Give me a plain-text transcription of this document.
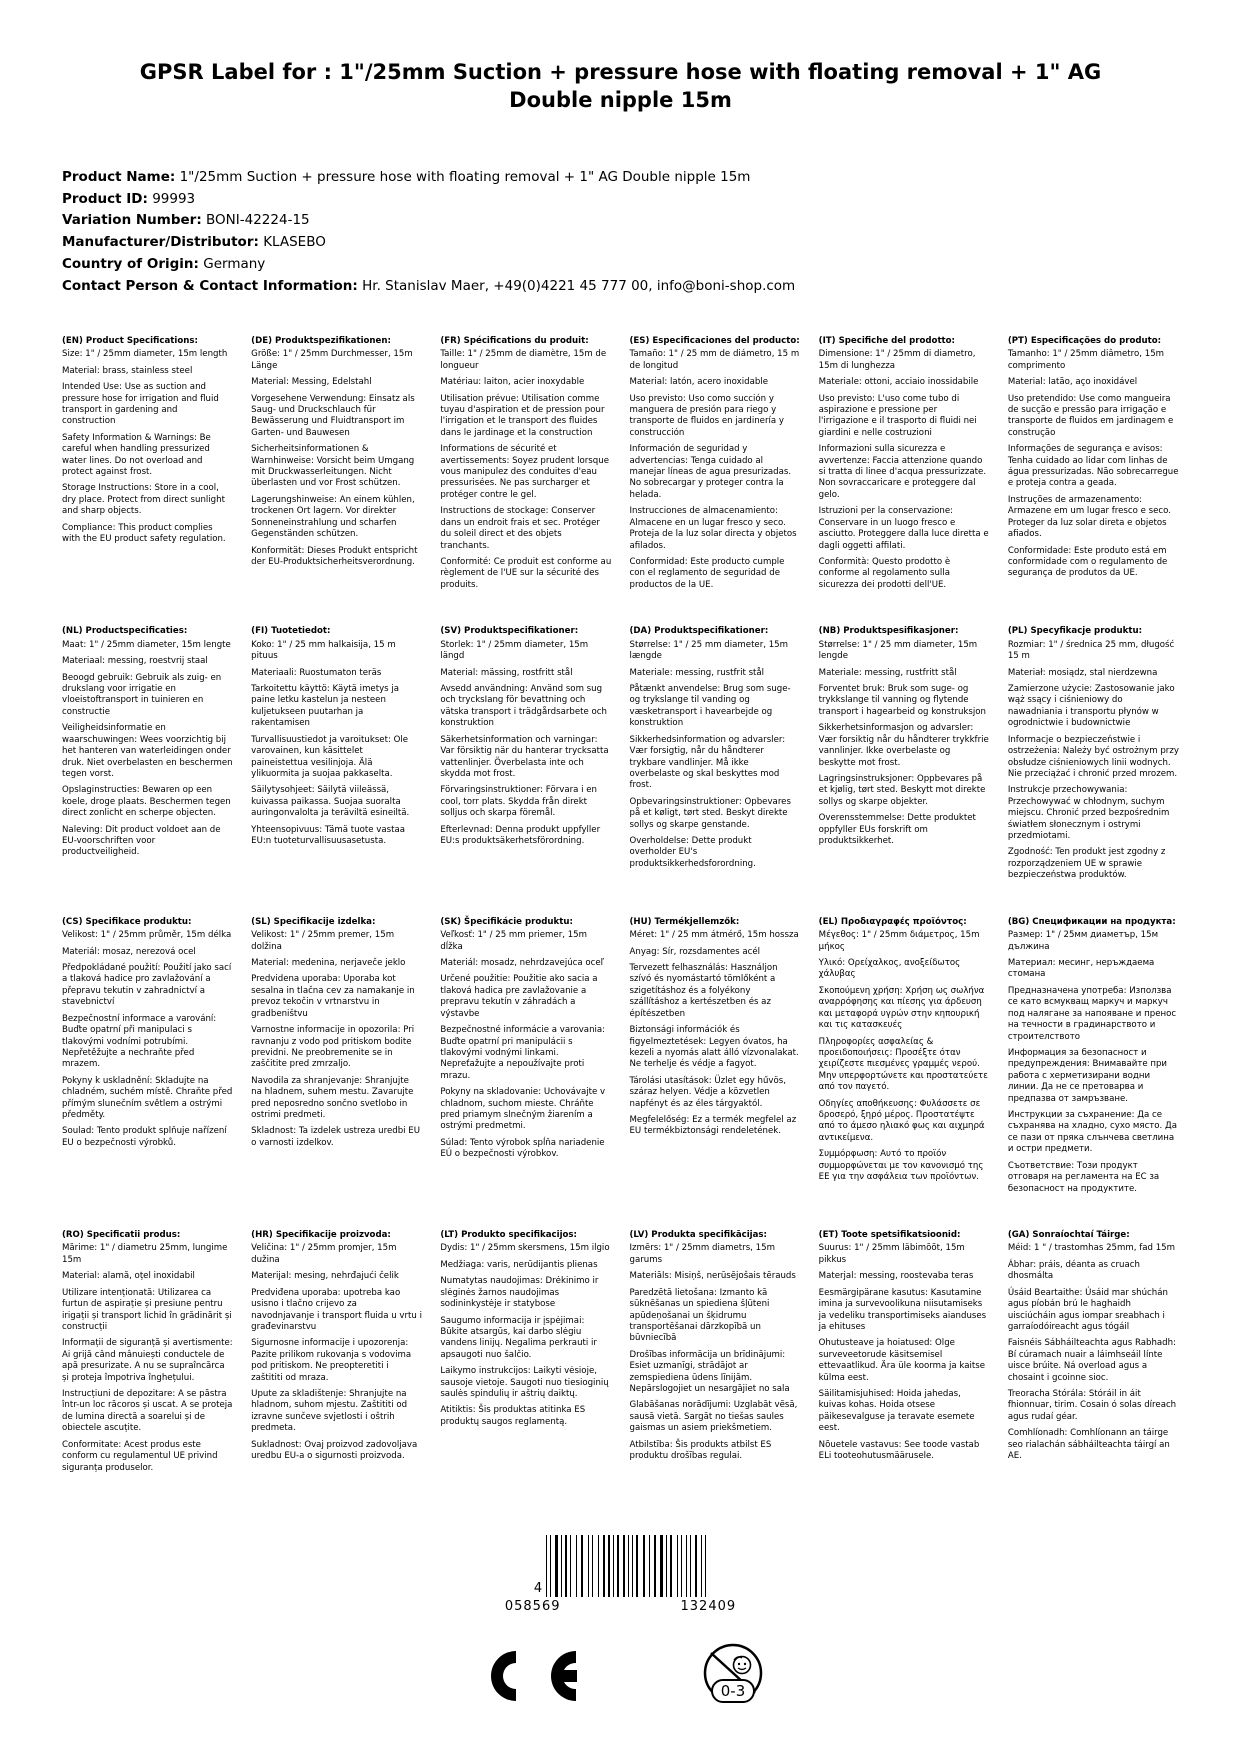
GPSR Label for : 1"/25mm Suction + pressure hose with floating removal + 1" AG Double nipple 15m
Product Name: 1"/25mm Suction + pressure hose with floating removal + 1" AG Double nipple 15m
Product ID: 99993
Variation Number: BONI-42224-15
Manufacturer/Distributor: KLASEBO
Country of Origin: Germany
Contact Person & Contact Information: Hr. Stanislav Maer, +49(0)4221 45 777 00, info@boni-shop.com
(EN) Product Specifications:

Size: 1" / 25mm diameter, 15m length

Material: brass, stainless steel

Intended Use: Use as suction and pressure hose for irrigation and fluid transport in gardening and construction

Safety Information & Warnings: Be careful when handling pressurized water lines. Do not overload and protect against frost.

Storage Instructions: Store in a cool, dry place. Protect from direct sunlight and sharp objects.

Compliance: This product complies with the EU product safety regulation.

(DE) Produktspezifikationen:

Größe: 1" / 25mm Durchmesser, 15m Länge

Material: Messing, Edelstahl

Vorgesehene Verwendung: Einsatz als Saug- und Druckschlauch für Bewässerung und Fluidtransport im Garten- und Bauwesen

Sicherheitsinformationen & Warnhinweise: Vorsicht beim Umgang mit Druckwasserleitungen. Nicht überlasten und vor Frost schützen.

Lagerungshinweise: An einem kühlen, trockenen Ort lagern. Vor direkter Sonneneinstrahlung und scharfen Gegenständen schützen.

Konformität: Dieses Produkt entspricht der EU-Produktsicherheitsverordnung.

(FR) Spécifications du produit:

Taille: 1" / 25mm de diamètre, 15m de longueur

Matériau: laiton, acier inoxydable

Utilisation prévue: Utilisation comme tuyau d'aspiration et de pression pour l'irrigation et le transport des fluides dans le jardinage et la construction

Informations de sécurité et avertissements: Soyez prudent lorsque vous manipulez des conduites d'eau pressurisées. Ne pas surcharger et protéger contre le gel.

Instructions de stockage: Conserver dans un endroit frais et sec. Protéger du soleil direct et des objets tranchants.

Conformité: Ce produit est conforme au règlement de l'UE sur la sécurité des produits.

(ES) Especificaciones del producto:

Tamaño: 1" / 25 mm de diámetro, 15 m de longitud

Material: latón, acero inoxidable

Uso previsto: Uso como succión y manguera de presión para riego y transporte de fluidos en jardinería y construcción

Información de seguridad y advertencias: Tenga cuidado al manejar líneas de agua presurizadas. No sobrecargar y proteger contra la helada.

Instrucciones de almacenamiento: Almacene en un lugar fresco y seco. Proteja de la luz solar directa y objetos afilados.

Conformidad: Este producto cumple con el reglamento de seguridad de productos de la UE.

(IT) Specifiche del prodotto:

Dimensione: 1" / 25mm di diametro, 15m di lunghezza

Materiale: ottoni, acciaio inossidabile

Uso previsto: L'uso come tubo di aspirazione e pressione per l'irrigazione e il trasporto di fluidi nei giardini e nelle costruzioni

Informazioni sulla sicurezza e avvertenze: Faccia attenzione quando si tratta di linee d'acqua pressurizzate. Non sovraccaricare e proteggere dal gelo.

Istruzioni per la conservazione: Conservare in un luogo fresco e asciutto. Proteggere dalla luce diretta e dagli oggetti affilati.

Conformità: Questo prodotto è conforme al regolamento sulla sicurezza dei prodotti dell'UE.

(PT) Especificações do produto:

Tamanho: 1" / 25mm diâmetro, 15m comprimento

Material: latão, aço inoxidável

Uso pretendido: Use como mangueira de sucção e pressão para irrigação e transporte de fluidos em jardinagem e construção

Informações de segurança e avisos: Tenha cuidado ao lidar com linhas de água pressurizadas. Não sobrecarregue e proteja contra a geada.

Instruções de armazenamento: Armazene em um lugar fresco e seco. Proteger da luz solar direta e objetos afiados.

Conformidade: Este produto está em conformidade com o regulamento de segurança de produtos da UE.

(NL) Productspecificaties:

Maat: 1" / 25mm diameter, 15m lengte

Materiaal: messing, roestvrij staal

Beoogd gebruik: Gebruik als zuig- en drukslang voor irrigatie en vloeistoftransport in tuinieren en constructie

Veiligheidsinformatie en waarschuwingen: Wees voorzichtig bij het hanteren van waterleidingen onder druk. Niet overbelasten en beschermen tegen vorst.

Opslaginstructies: Bewaren op een koele, droge plaats. Beschermen tegen direct zonlicht en scherpe objecten.

Naleving: Dit product voldoet aan de EU-voorschriften voor productveiligheid.

(FI) Tuotetiedot:

Koko: 1" / 25 mm halkaisija, 15 m pituus

Materiaali: Ruostumaton teräs

Tarkoitettu käyttö: Käytä imetys ja paine letku kastelun ja nesteen kuljetukseen puutarhan ja rakentamisen

Turvallisuustiedot ja varoitukset: Ole varovainen, kun käsittelet paineistettua vesilinjoja. Älä ylikuormita ja suojaa pakkaselta.

Säilytysohjeet: Säilytä viileässä, kuivassa paikassa. Suojaa suoralta auringonvalolta ja teräviltä esineiltä.

Yhteensopivuus: Tämä tuote vastaa EU:n tuoteturvallisuusasetusta.

(SV) Produktspecifikationer:

Storlek: 1" / 25mm diameter, 15m längd

Material: mässing, rostfritt stål

Avsedd användning: Använd som sug och trycksIang för bevattning och vätska transport i trädgårdsarbete och konstruktion

Säkerhetsinformation och varningar: Var försiktig när du hanterar trycksatta vattenlinjer. Överbelasta inte och skydda mot frost.

Förvaringsinstruktioner: Förvara i en cool, torr plats. Skydda från direkt solljus och skarpa föremål.

Efterlevnad: Denna produkt uppfyller EU:s produktsäkerhetsförordning.

(DA) Produktspecifikationer:

Størrelse: 1" / 25 mm diameter, 15m længde

Materiale: messing, rustfrit stål

Påtænkt anvendelse: Brug som suge- og trykslange til vanding og væsketransport i havearbejde og konstruktion

Sikkerhedsinformation og advarsler: Vær forsigtig, når du håndterer trykbare vandlinjer. Må ikke overbelaste og skal beskyttes mod frost.

Opbevaringsinstruktioner: Opbevares på et køligt, tørt sted. Beskyt direkte sollys og skarpe genstande.

Overholdelse: Dette produkt overholder EU's produktsikkerhedsforordning.

(NB) Produktspesifikasjoner:

Størrelse: 1" / 25 mm diameter, 15m lengde

Materiale: messing, rustfritt stål

Forventet bruk: Bruk som suge- og trykkslange til vanning og flytende transport i hagearbeid og konstruksjon

Sikkerhetsinformasjon og advarsler: Vær forsiktig når du håndterer trykkfrie vannlinjer. Ikke overbelaste og beskytte mot frost.

Lagringsinstruksjoner: Oppbevares på et kjølig, tørt sted. Beskytt mot direkte sollys og skarpe objekter.

Overensstemmelse: Dette produktet oppfyller EUs forskrift om produktsikkerhet.

(PL) Specyfikacje produktu:

Rozmiar: 1" / średnica 25 mm, długość 15 m

Materiał: mosiądz, stal nierdzewna

Zamierzone użycie: Zastosowanie jako wąż ssący i ciśnieniowy do nawadniania i transportu płynów w ogrodnictwie i budownictwie

Informacje o bezpieczeństwie i ostrzeżenia: Należy być ostrożnym przy obsłudze ciśnieniowych linii wodnych. Nie przeciążać i chronić przed mrozem.

Instrukcje przechowywania: Przechowywać w chłodnym, suchym miejscu. Chronić przed bezpośrednim światłem słonecznym i ostrymi przedmiotami.

Zgodność: Ten produkt jest zgodny z rozporządzeniem UE w sprawie bezpieczeństwa produktów.

(CS) Specifikace produktu:

Velikost: 1" / 25mm průměr, 15m délka

Materiál: mosaz, nerezová ocel

Předpokládané použití: Použití jako sací a tlaková hadice pro zavlažování a přepravu tekutin v zahradnictví a stavebnictví

Bezpečnostní informace a varování: Buďte opatrní při manipulaci s tlakovými vodními potrubími. Nepřetěžujte a nechraňte před mrazem.

Pokyny k uskladnění: Skladujte na chladném, suchém místě. Chraňte před přímým slunečním světlem a ostrými předměty.

Soulad: Tento produkt splňuje nařízení EU o bezpečnosti výrobků.

(SL) Specifikacije izdelka:

Velikost: 1" / 25mm premer, 15m dolžina

Material: medenina, nerjaveče jeklo

Predvidena uporaba: Uporaba kot sesalna in tlačna cev za namakanje in prevoz tekočin v vrtnarstvu in gradbeništvu

Varnostne informacije in opozorila: Pri ravnanju z vodo pod pritiskom bodite previdni. Ne preobremenite se in zaščitite pred zmrzaljo.

Navodila za shranjevanje: Shranjujte na hladnem, suhem mestu. Zavarujte pred neposredno sončno svetlobo in ostrimi predmeti.

Skladnost: Ta izdelek ustreza uredbi EU o varnosti izdelkov.

(SK) Špecifikácie produktu:

Veľkosť: 1" / 25 mm priemer, 15m dĺžka

Materiál: mosadz, nehrdzavejúca oceľ

Určené použitie: Použitie ako sacia a tlaková hadica pre zavlažovanie a prepravu tekutín v záhradách a výstavbe

Bezpečnostné informácie a varovania: Buďte opatrní pri manipulácii s tlakovými vodnými linkami. Nepreťažujte a nepoužívajte proti mrazu.

Pokyny na skladovanie: Uchovávajte v chladnom, suchom mieste. Chráňte pred priamym slnečným žiarením a ostrými predmetmi.

Súlad: Tento výrobok spĺňa nariadenie EÚ o bezpečnosti výrobkov.

(HU) Termékjellemzők:

Méret: 1" / 25 mm átmérő, 15m hossza

Anyag: Sír, rozsdamentes acél

Tervezett felhasználás: Használjon szívó és nyomástartó tömlőként a szigetításhoz és a folyékony szállításhoz a kertészetben és az építészetben

Biztonsági információk és figyelmeztetések: Legyen óvatos, ha kezeli a nyomás alatt álló vízvonalakat. Ne terhelje és védje a fagyot.

Tárolási utasítások: Üzlet egy hűvös, száraz helyen. Védje a közvetlen napfényt és az éles tárgyaktól.

Megfelelőség: Ez a termék megfelel az EU termékbiztonsági rendeletének.

(EL) Προδιαγραφές προϊόντος:

Μέγεθος: 1" / 25mm διάμετρος, 15m μήκος

Υλικό: Ορείχαλκος, ανοξείδωτος χάλυβας

Σκοπούμενη χρήση: Χρήση ως σωλήνα αναρρόφησης και πίεσης για άρδευση και μεταφορά υγρών στην κηπουρική και τις κατασκευές

Πληροφορίες ασφαλείας & προειδοποιήσεις: Προσέξτε όταν χειρίζεστε πιεσμένες γραμμές νερού. Μην υπερφορτώνετε και προστατεύετε από τον παγετό.

Οδηγίες αποθήκευσης: Φυλάσσετε σε δροσερό, ξηρό μέρος. Προστατέψτε από το άμεσο ηλιακό φως και αιχμηρά αντικείμενα.

Συμμόρφωση: Αυτό το προϊόν συμμορφώνεται με τον κανονισμό της ΕΕ για την ασφάλεια των προϊόντων.

(BG) Спецификации на продукта:

Размер: 1" / 25мм диаметър, 15м дължина

Материал: месинг, неръждаема стомана

Предназначена употреба: Използва се като всмукващ маркуч и маркуч под налягане за напояване и пренос на течности в градинарството и строителството

Информация за безопасност и предупреждения: Внимавайте при работа с херметизирани водни линии. Да не се претоварва и предпазва от замръзване.

Инструкции за съхранение: Да се съхранява на хладно, сухо място. Да се пази от пряка слънчева светлина и остри предмети.

Съответствие: Този продукт отговаря на регламента на ЕС за безопасност на продуктите.

(RO) Specificatii produs:

Mărime: 1" / diametru 25mm, lungime 15m

Material: alamă, oțel inoxidabil

Utilizare intenționată: Utilizarea ca furtun de aspirație și presiune pentru irigații și transport lichid în grădinărit și construcții

Informații de siguranță și avertismente: Ai grijă când mânuiești conductele de apă presurizate. A nu se supraîncărca și proteja împotriva înghețului.

Instrucțiuni de depozitare: A se păstra într-un loc răcoros și uscat. A se proteja de lumina directă a soarelui și de obiectele ascuțite.

Conformitate: Acest produs este conform cu regulamentul UE privind siguranța produselor.

(HR) Specifikacije proizvoda:

Veličina: 1" / 25mm promjer, 15m dužina

Materijal: mesing, nehrđajući čelik

Predviđena uporaba: upotreba kao usisno i tlačno crijevo za navodnjavanje i transport fluida u vrtu i građevinarstvu

Sigurnosne informacije i upozorenja: Pazite prilikom rukovanja s vodovima pod pritiskom. Ne preopteretiti i zaštititi od mraza.

Upute za skladištenje: Shranjujte na hladnom, suhom mjestu. Zaštititi od izravne sunčeve svjetlosti i oštrih predmeta.

Sukladnost: Ovaj proizvod zadovoljava uredbu EU-a o sigurnosti proizvoda.

(LT) Produkto specifikacijos:

Dydis: 1" / 25mm skersmens, 15m ilgio

Medžiaga: varis, nerūdijantis plienas

Numatytas naudojimas: Drėkinimo ir slėginės žarnos naudojimas sodininkystėje ir statybose

Saugumo informacija ir įspėjimai: Būkite atsargūs, kai darbo slėgiu vandens linijų. Negalima perkrauti ir apsaugoti nuo šalčio.

Laikymo instrukcijos: Laikyti vėsioje, sausoje vietoje. Saugoti nuo tiesioginių saulės spindulių ir aštrių daiktų.

Atitiktis: Šis produktas atitinka ES produktų saugos reglamentą.

(LV) Produkta specifikācijas:

Izmērs: 1" / 25mm diametrs, 15m garums

Materiāls: Misiņš, nerūsējošais tērauds

Paredzētā lietošana: Izmanto kā sūknēšanas un spiediena šļūteni apūdeņošanai un šķidrumu transportēšanai dārzkopībā un būvniecībā

Drošības informācija un brīdinājumi: Esiet uzmanīgi, strādājot ar zemspiediena ūdens līnijām. Nepārslogojiet un nesargājiet no sala

Glabāšanas norādījumi: Uzglabāt vēsā, sausā vietā. Sargāt no tiešas saules gaismas un asiem priekšmetiem.

Atbilstība: Šis produkts atbilst ES produktu drošības regulai.

(ET) Toote spetsifikatsioonid:

Suurus: 1" / 25mm läbimõõt, 15m pikkus

Materjal: messing, roostevaba teras

Eesmärgipärane kasutus: Kasutamine imina ja survevoolikuna niisutamiseks ja vedeliku transportimiseks aianduses ja ehituses

Ohutusteave ja hoiatused: Olge surveveetorude käsitsemisel ettevaatlikud. Ära üle koorma ja kaitse külma eest.

Säilitamisjuhised: Hoida jahedas, kuivas kohas. Hoida otsese päikesevalguse ja teravate esemete eest.

Nõuetele vastavus: See toode vastab ELi tooteohutusmäärusele.

(GA) Sonraíochtaí Táirge:

Méid: 1 " / trastomhas 25mm, fad 15m

Ábhar: práis, déanta as cruach dhosmálta

Úsáid Beartaithe: Úsáid mar shúchán agus píobán brú le haghaidh uisciúcháin agus iompar sreabhach i garraíodóireacht agus tógáil

Faisnéis Sábháilteachta agus Rabhadh: Bí cúramach nuair a láimhseáil línte uisce brúite. Ná overload agus a chosaint i gcoinne sioc.

Treoracha Stórála: Stóráil in áit fhionnuar, tirim. Cosain ó solas díreach agus rudaí géar.

Comhlíonadh: Comhlíonann an táirge seo rialachán sábháilteachta táirgí an AE.

4
058569	132409
0-3
